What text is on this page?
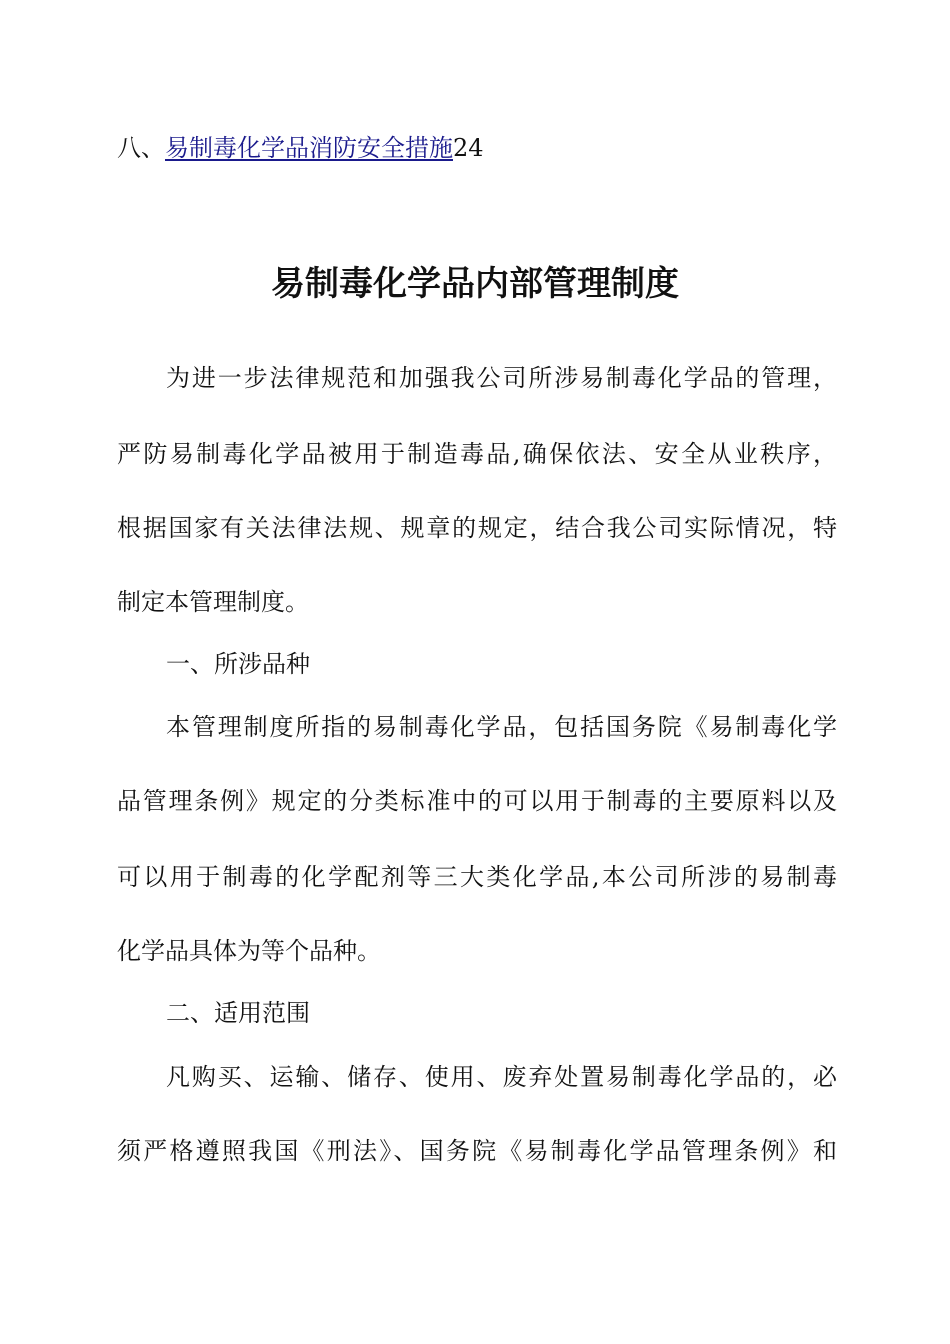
八、易制毒化学品消防安全措施24
易制毒化学品内部管理制度
为进一步法律规范和加强我公司所涉易制毒化学品的管理，
严防易制毒化学品被用于制造毒品,确保依法、安全从业秩序，
根据国家有关法律法规、规章的规定，结合我公司实际情况，特
制定本管理制度。
一、所涉品种
本管理制度所指的易制毒化学品，包括国务院《易制毒化学
品管理条例》规定的分类标准中的可以用于制毒的主要原料以及
可以用于制毒的化学配剂等三大类化学品,本公司所涉的易制毒
化学品具体为等个品种。
二、适用范围
凡购买、运输、储存、使用、废弃处置易制毒化学品的，必
须严格遵照我国《刑法》、国务院《易制毒化学品管理条例》和
